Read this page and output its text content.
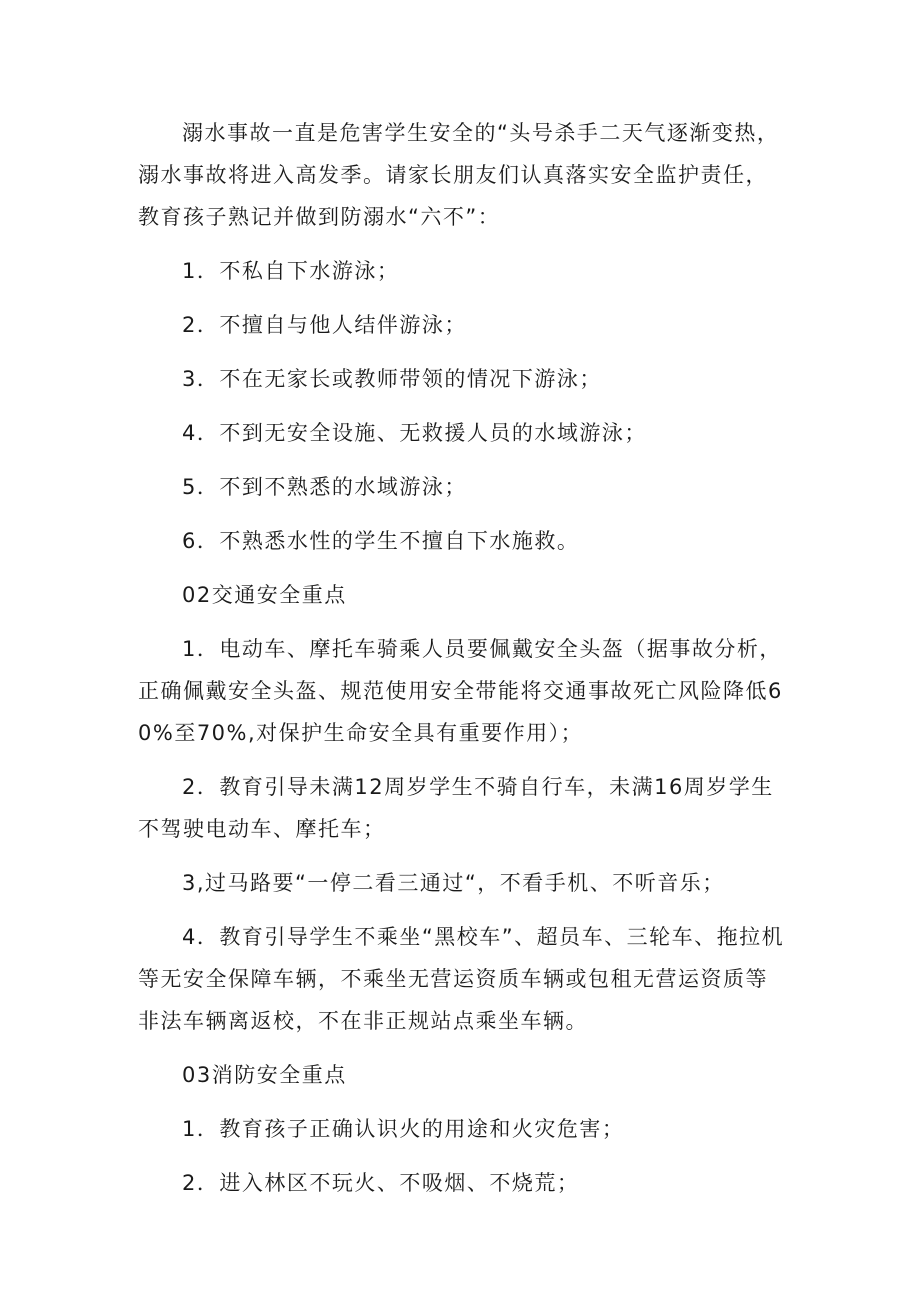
溺水事故一直是危害学生安全的“头号杀手二天气逐渐变热，溺水事故将进入高发季。请家长朋友们认真落实安全监护责任，教育孩子熟记并做到防溺水“六不”：

1．不私自下水游泳；

2．不擅自与他人结伴游泳；

3．不在无家长或教师带领的情况下游泳；

4．不到无安全设施、无救援人员的水域游泳；

5．不到不熟悉的水域游泳；

6．不熟悉水性的学生不擅自下水施救。

02交通安全重点

1．电动车、摩托车骑乘人员要佩戴安全头盔（据事故分析，正确佩戴安全头盔、规范使用安全带能将交通事故死亡风险降低60%至70%,对保护生命安全具有重要作用）；

2．教育引导未满12周岁学生不骑自行车，未满16周岁学生不驾驶电动车、摩托车；

3,过马路要“一停二看三通过“，不看手机、不听音乐；

4．教育引导学生不乘坐“黑校车”、超员车、三轮车、拖拉机等无安全保障车辆，不乘坐无营运资质车辆或包租无营运资质等非法车辆离返校，不在非正规站点乘坐车辆。

03消防安全重点

1．教育孩子正确认识火的用途和火灾危害；

2．进入林区不玩火、不吸烟、不烧荒；
